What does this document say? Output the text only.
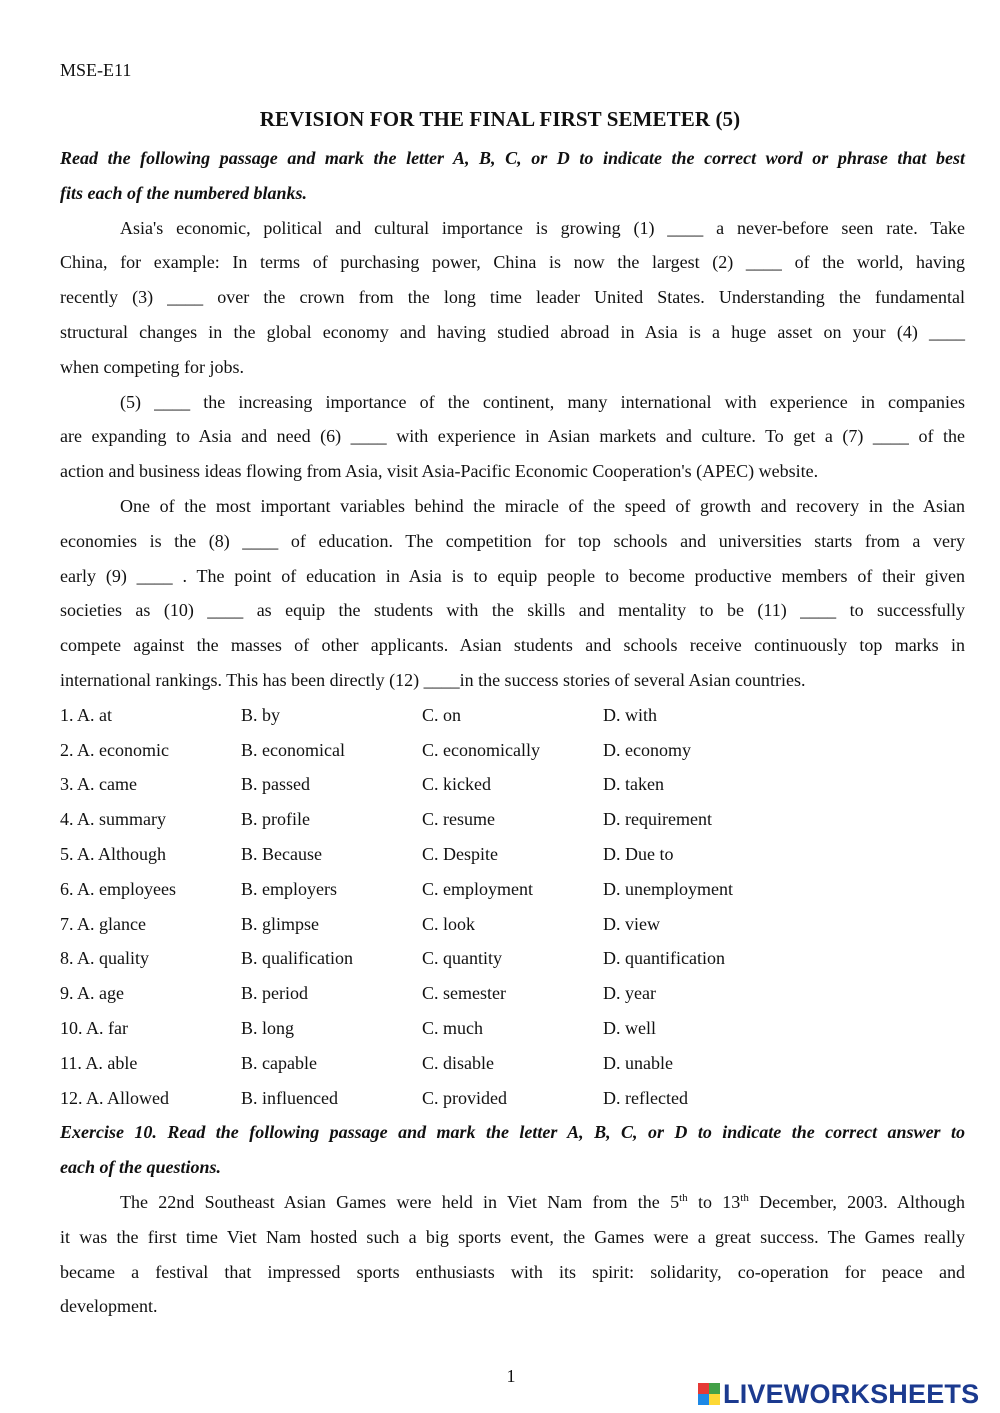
MSE-E11
REVISION FOR THE FINAL FIRST SEMETER (5)
Read the following passage and mark the letter A, B, C, or D to indicate the correct word or phrase that best
fits each of the numbered blanks.
Asia's economic, political and cultural importance is growing (1) ____ a never-before seen rate. Take
China, for example: In terms of purchasing power, China is now the largest (2) ____ of the world, having
recently (3) ____ over the crown from the long time leader United States. Understanding the fundamental
structural changes in the global economy and having studied abroad in Asia is a huge asset on your (4) ____
when competing for jobs.
(5) ____ the increasing importance of the continent, many international with experience in companies
are expanding to Asia and need (6) ____ with experience in Asian markets and culture. To get a (7) ____ of the
action and business ideas flowing from Asia, visit Asia-Pacific Economic Cooperation's (APEC) website.
One of the most important variables behind the miracle of the speed of growth and recovery in the Asian
economies is the (8) ____ of education. The competition for top schools and universities starts from a very
early (9) ____ . The point of education in Asia is to equip people to become productive members of their given
societies as (10) ____ as equip the students with the skills and mentality to be (11) ____ to successfully
compete against the masses of other applicants. Asian students and schools receive continuously top marks in
international rankings. This has been directly (12) ____in the success stories of several Asian countries.
1. A. at	B. by	C. on	D. with
2. A. economic	B. economical	C. economically	D. economy
3. A. came	B. passed	C. kicked	D. taken
4. A. summary	B. profile	C. resume	D. requirement
5. A. Although	B. Because	C. Despite	D. Due to
6. A. employees	B. employers	C. employment	D. unemployment
7. A. glance	B. glimpse	C. look	D. view
8. A. quality	B. qualification	C. quantity	D. quantification
9. A. age	B. period	C. semester	D. year
10. A. far	B. long	C. much	D. well
11. A. able	B. capable	C. disable	D. unable
12. A. Allowed	B. influenced	C. provided	D. reflected
Exercise 10. Read the following passage and mark the letter A, B, C, or D to indicate the correct answer to
each of the questions.
The 22nd Southeast Asian Games were held in Viet Nam from the 5th to 13th December, 2003. Although
it was the first time Viet Nam hosted such a big sports event, the Games were a great success. The Games really
became a festival that impressed sports enthusiasts with its spirit: solidarity, co-operation for peace and
development.
1
LIVEWORKSHEETS
